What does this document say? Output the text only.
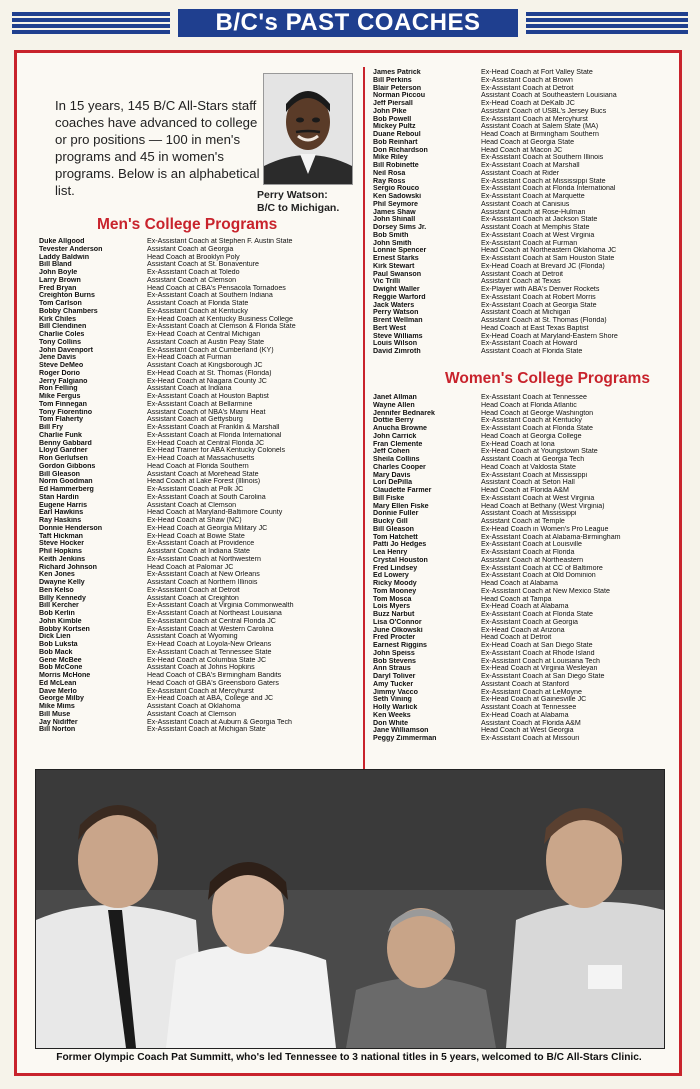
B/C's PAST COACHES
In 15 years, 145 B/C All-Stars staff coaches have advanced to college or pro positions — 100 in men's programs and 45 in women's programs. Below is an alphabetical list.	Perry Watson:
B/C to Michigan.
Men's College Programs
Duke Allgood	Ex-Assistant Coach at Stephen F. Austin State
Tevester Anderson	Assistant Coach at Georgia
Laddy Baldwin	Head Coach at Brooklyn Poly
Bill Bland	Assistant Coach at St. Bonaventure
John Boyle	Ex-Assistant Coach at Toledo
Larry Brown	Assistant Coach at Clemson
Fred Bryan	Head Coach at CBA's Pensacola Tornadoes
Creighton Burns	Ex-Assistant Coach at Southern Indiana
Tom Carlson	Assistant Coach at Florida State
Bobby Chambers	Ex-Assistant Coach at Kentucky
Kirk Chiles	Ex-Head Coach at Kentucky Business College
Bill Clendinen	Ex-Assistant Coach at Clemson & Florida State
Charlie Coles	Ex-Head Coach at Central Michigan
Tony Collins	Assistant Coach at Austin Peay State
John Davenport	Ex-Assistant Coach at Cumberland (KY)
Jene Davis	Ex-Head Coach at Furman
Steve DeMeo	Assistant Coach at Kingsborough JC
Roger Dorio	Ex-Head Coach at St. Thomas (Florida)
Jerry Falgiano	Ex-Head Coach at Niagara County JC
Ron Felling	Assistant Coach at Indiana
Mike Fergus	Ex-Assistant Coach at Houston Baptist
Tom Finnegan	Ex-Assistant Coach at Bellarmine
Tony Fiorentino	Assistant Coach of NBA's Miami Heat
Tom Flaherty	Assistant Coach at Gettysburg
Bill Fry	Ex-Assistant Coach at Franklin & Marshall
Charlie Funk	Ex-Assistant Coach at Florida International
Benny Gabbard	Ex-Head Coach at Central Florida JC
Lloyd Gardner	Ex-Head Trainer for ABA Kentucky Colonels
Ron Gerlufsen	Ex-Head Coach at Massachusetts
Gordon Gibbons	Head Coach at Florida Southern
Bill Gleason	Assistant Coach at Morehead State
Norm Goodman	Head Coach at Lake Forest (Illinois)
Ed Hammerberg	Ex-Assistant Coach at Polk JC
Stan Hardin	Ex-Assistant Coach at South Carolina
Eugene Harris	Assistant Coach at Clemson
Earl Hawkins	Head Coach at Maryland-Baltimore County
Ray Haskins	Ex-Head Coach at Shaw (NC)
Donnie Henderson	Ex-Head Coach at Georgia Military JC
Taft Hickman	Ex-Head Coach at Bowie State
Steve Hocker	Ex-Assistant Coach at Providence
Phil Hopkins	Assistant Coach at Indiana State
Keith Jenkins	Ex-Assistant Coach at Northwestern
Richard Johnson	Head Coach at Palomar JC
Ken Jones	Ex-Assistant Coach at New Orleans
Dwayne Kelly	Assistant Coach at Northern Illinois
Ben Kelso	Ex-Assistant Coach at Detroit
Billy Kennedy	Assistant Coach at Creighton
Bill Kercher	Ex-Assistant Coach at Virginia Commonwealth
Bob Kerlin	Ex-Assistant Coach at Northeast Louisiana
John Kimble	Ex-Assistant Coach at Central Florida JC
Bobby Kortsen	Ex-Assistant Coach at Western Carolina
Dick Lien	Assistant Coach at Wyoming
Bob Luksta	Ex-Head Coach at Loyola-New Orleans
Bob Mack	Ex-Assistant Coach at Tennessee State
Gene McBee	Ex-Head Coach at Columbia State JC
Bob McCone	Assistant Coach at Johns Hopkins
Morris McHone	Head Coach of CBA's Birmingham Bandits
Ed McLean	Head Coach of GBA's Greensboro Gaters
Dave Merlo	Ex-Assistant Coach at Mercyhurst
George Milby	Ex-Head Coach at ABA, College and JC
Mike Mims	Assistant Coach at Oklahoma
Bill Muse	Assistant Coach at Clemson
Jay Nidiffer	Ex-Assistant Coach at Auburn & Georgia Tech
Bill Norton	Ex-Assistant Coach at Michigan State
James Patrick	Ex-Head Coach at Fort Valley State
Bill Perkins	Ex-Assistant Coach at Brown
Blair Peterson	Ex-Assistant Coach at Detroit
Norman Piccou	Assistant Coach at Southeastern Louisiana
Jeff Piersall	Ex-Head Coach at DeKalb JC
John Pike	Assistant Coach of USBL's Jersey Bucs
Bob Powell	Ex-Assistant Coach at Mercyhurst
Mickey Pultz	Assistant Coach at Salem State (MA)
Duane Reboul	Head Coach at Birmingham Southern
Bob Reinhart	Head Coach at Georgia State
Don Richardson	Head Coach at Macon JC
Mike Riley	Ex-Assistant Coach at Southern Illinois
Bill Robinette	Ex-Assistant Coach at Marshall
Neil Rosa	Assistant Coach at Rider
Ray Ross	Ex-Assistant Coach at Mississippi State
Sergio Rouco	Ex-Assistant Coach at Florida International
Ken Sadowski	Ex-Assistant Coach at Marquette
Phil Seymore	Assistant Coach at Canisius
James Shaw	Assistant Coach at Rose-Hulman
John Shinall	Ex-Assistant Coach at Jackson State
Dorsey Sims Jr.	Assistant Coach at Memphis State
Bob Smith	Ex-Assistant Coach at West Virginia
John Smith	Ex-Assistant Coach at Furman
Lonnie Spencer	Head Coach at Northeastern Oklahoma JC
Ernest Starks	Ex-Assistant Coach at Sam Houston State
Kirk Stewart	Ex-Head Coach at Brevard JC (Florida)
Paul Swanson	Assistant Coach at Detroit
Vic Trilli	Assistant Coach at Texas
Dwight Waller	Ex-Player with ABA's Denver Rockets
Reggie Warford	Ex-Assistant Coach at Robert Morris
Jack Waters	Ex-Assistant Coach at Georgia State
Perry Watson	Assistant Coach at Michigan
Brent Wellman	Assistant Coach at St. Thomas (Florida)
Bert West	Head Coach at East Texas Baptist
Steve Williams	Ex-Head Coach at Maryland-Eastern Shore
Louis Wilson	Ex-Assistant Coach at Howard
David Zimroth	Assistant Coach at Florida State
Women's College Programs
Janet Allman	Ex-Assistant Coach at Tennessee
Wayne Allen	Head Coach at Florida Atlantic
Jennifer Bednarek	Head Coach at George Washington
Dottie Berry	Ex-Assistant Coach at Kentucky
Anucha Browne	Ex-Assistant Coach at Florida State
John Carrick	Head Coach at Georgia College
Fran Clemente	Ex-Head Coach at Iona
Jeff Cohen	Ex-Head Coach at Youngstown State
Sheila Collins	Assistant Coach at Georgia Tech
Charles Cooper	Head Coach at Valdosta State
Mary Davis	Ex-Assistant Coach at Mississippi
Lori DePilla	Assistant Coach at Seton Hall
Claudette Farmer	Head Coach at Florida A&M
Bill Fiske	Ex-Assistant Coach at West Virginia
Mary Ellen Fiske	Head Coach at Bethany (West Virginia)
Donnie Fuller	Assistant Coach at Mississippi
Bucky Gill	Assistant Coach at Temple
Bill Gleason	Ex-Head Coach in Women's Pro League
Tom Hatchett	Ex-Assistant Coach at Alabama-Birmingham
Patti Jo Hedges	Ex-Assistant Coach at Louisville
Lea Henry	Ex-Assistant Coach at Florida
Crystal Houston	Assistant Coach at Northeastern
Fred Lindsey	Ex-Assistant Coach at CC of Baltimore
Ed Lowery	Ex-Assistant Coach at Old Dominion
Ricky Moody	Head Coach at Alabama
Tom Mooney	Ex-Assistant Coach at New Mexico State
Tom Mosca	Head Coach at Tampa
Lois Myers	Ex-Head Coach at Alabama
Buzz Narbut	Ex-Assistant Coach at Florida State
Lisa O'Connor	Ex-Assistant Coach at Georgia
June Olkowski	Ex-Head Coach at Arizona
Fred Procter	Head Coach at Detroit
Earnest Riggins	Ex-Head Coach at San Diego State
John Speiss	Ex-Assistant Coach at Rhode Island
Bob Stevens	Ex-Assistant Coach at Louisiana Tech
Ann Straus	Ex-Head Coach at Virginia Wesleyan
Daryl Toliver	Ex-Assistant Coach at San Diego State
Amy Tucker	Assistant Coach at Stanford
Jimmy Vacco	Ex-Assistant Coach at LeMoyne
Seth Vining	Ex-Head Coach at Gainesville JC
Holly Warlick	Assistant Coach at Tennessee
Ken Weeks	Ex-Head Coach at Alabama
Don White	Assistant Coach at Florida A&M
Jane Williamson	Head Coach at West Georgia
Peggy Zimmerman	Ex-Assistant Coach at Missouri
Former Olympic Coach Pat Summitt, who's led Tennessee to 3 national titles in 5 years, welcomed to B/C All-Stars Clinic.
